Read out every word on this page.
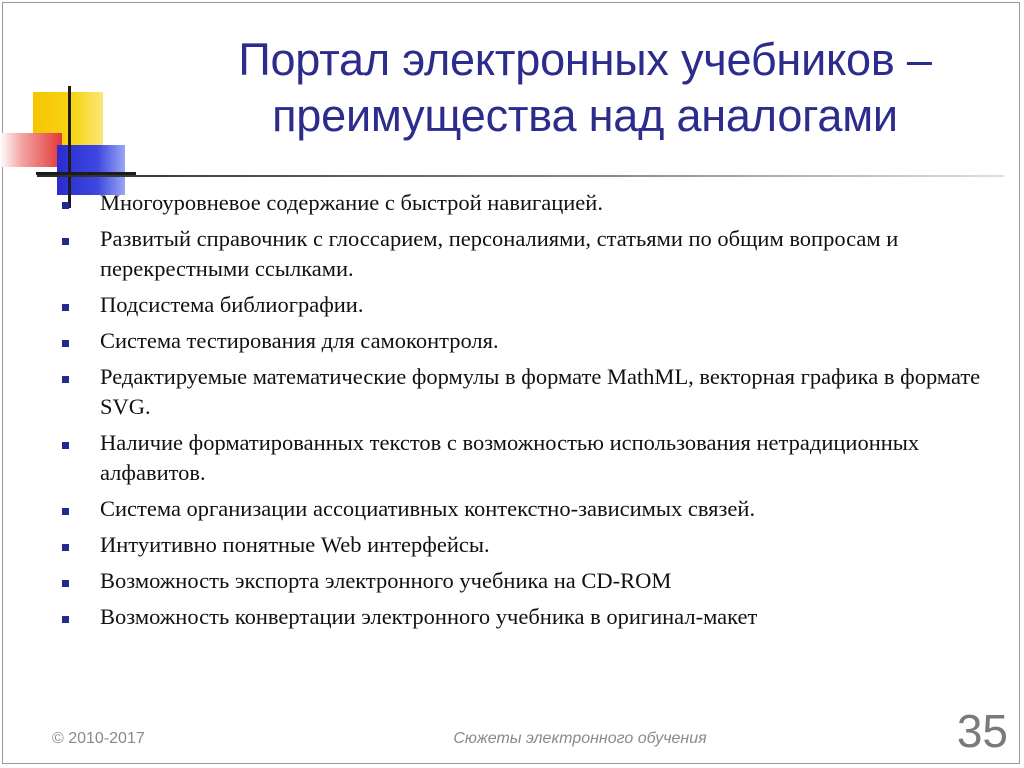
Портал электронных учебников –
преимущества над аналогами
Многоуровневое содержание с быстрой навигацией.
Развитый справочник с глоссарием, персоналиями, статьями по общим вопросам и перекрестными ссылками.
Подсистема библиографии.
Система тестирования для самоконтроля.
Редактируемые математические формулы в формате MathML, векторная графика в формате SVG.
Наличие форматированных текстов с возможностью использования нетрадиционных алфавитов.
Система организации ассоциативных контекстно-зависимых связей.
Интуитивно понятные Web интерфейсы.
Возможность экспорта электронного учебника на CD-ROM
Возможность конвертации электронного учебника в оригинал-макет
© 2010-2017	Сюжеты электронного обучения	35
